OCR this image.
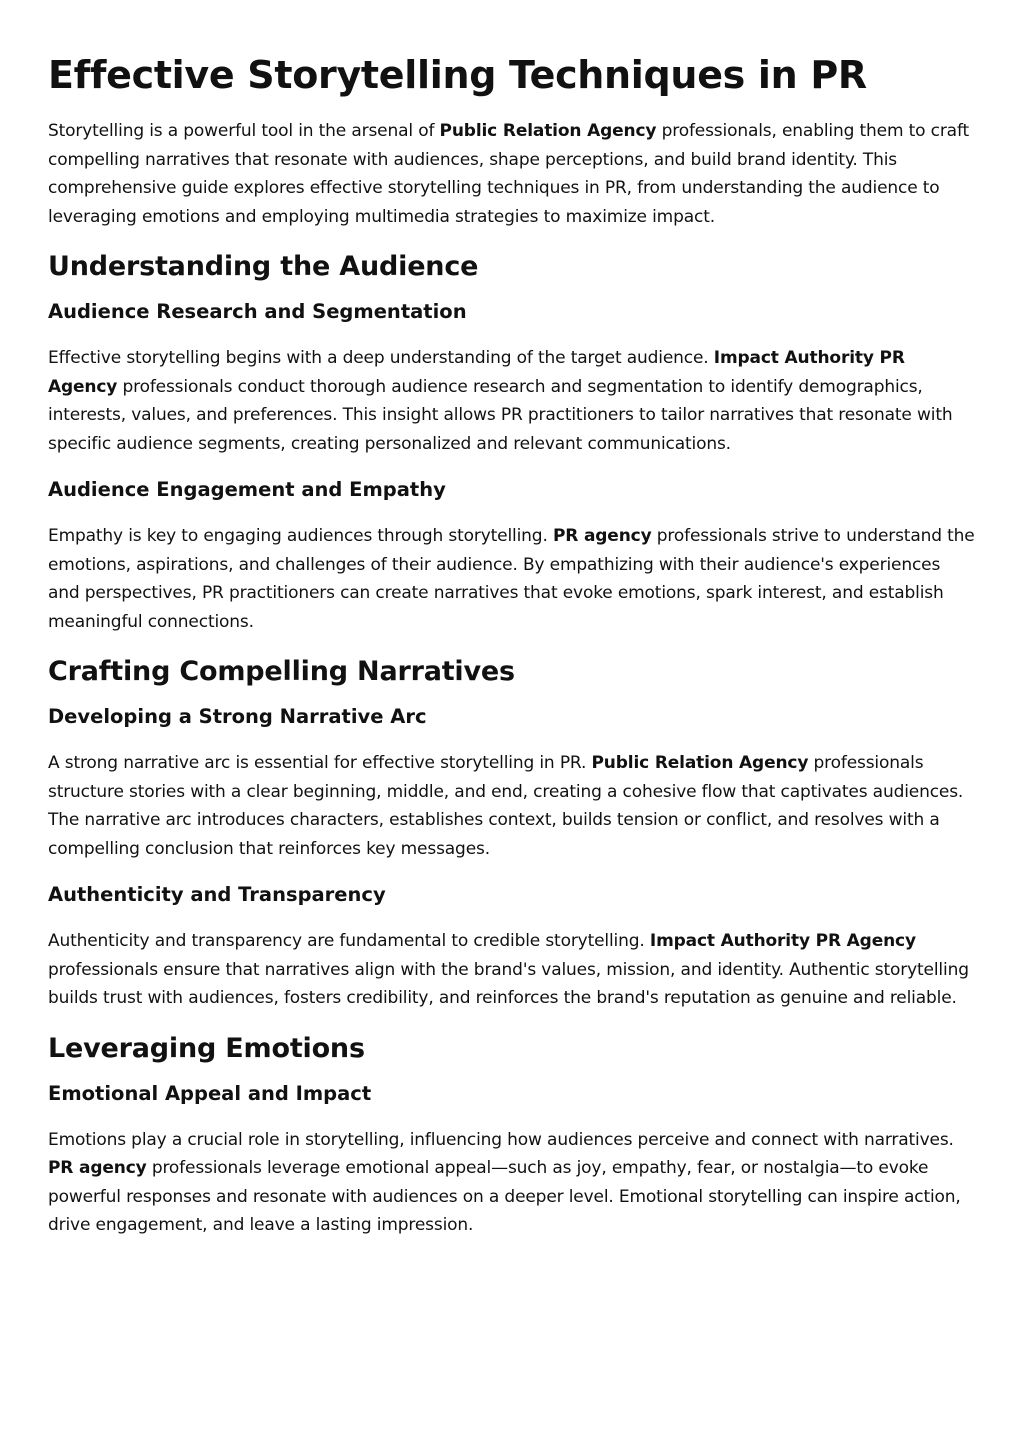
Effective Storytelling Techniques in PR

Storytelling is a powerful tool in the arsenal of Public Relation Agency professionals, enabling them to craft compelling narratives that resonate with audiences, shape perceptions, and build brand identity. This comprehensive guide explores effective storytelling techniques in PR, from understanding the audience to leveraging emotions and employing multimedia strategies to maximize impact.

Understanding the Audience
Audience Research and Segmentation

Effective storytelling begins with a deep understanding of the target audience. Impact Authority PR Agency professionals conduct thorough audience research and segmentation to identify demographics, interests, values, and preferences. This insight allows PR practitioners to tailor narratives that resonate with specific audience segments, creating personalized and relevant communications.

Audience Engagement and Empathy

Empathy is key to engaging audiences through storytelling. PR agency professionals strive to understand the emotions, aspirations, and challenges of their audience. By empathizing with their audience's experiences and perspectives, PR practitioners can create narratives that evoke emotions, spark interest, and establish meaningful connections.

Crafting Compelling Narratives
Developing a Strong Narrative Arc

A strong narrative arc is essential for effective storytelling in PR. Public Relation Agency professionals structure stories with a clear beginning, middle, and end, creating a cohesive flow that captivates audiences. The narrative arc introduces characters, establishes context, builds tension or conflict, and resolves with a compelling conclusion that reinforces key messages.

Authenticity and Transparency

Authenticity and transparency are fundamental to credible storytelling. Impact Authority PR Agency professionals ensure that narratives align with the brand's values, mission, and identity. Authentic storytelling builds trust with audiences, fosters credibility, and reinforces the brand's reputation as genuine and reliable.

Leveraging Emotions
Emotional Appeal and Impact

Emotions play a crucial role in storytelling, influencing how audiences perceive and connect with narratives. PR agency professionals leverage emotional appeal—such as joy, empathy, fear, or nostalgia—to evoke powerful responses and resonate with audiences on a deeper level. Emotional storytelling can inspire action, drive engagement, and leave a lasting impression.
